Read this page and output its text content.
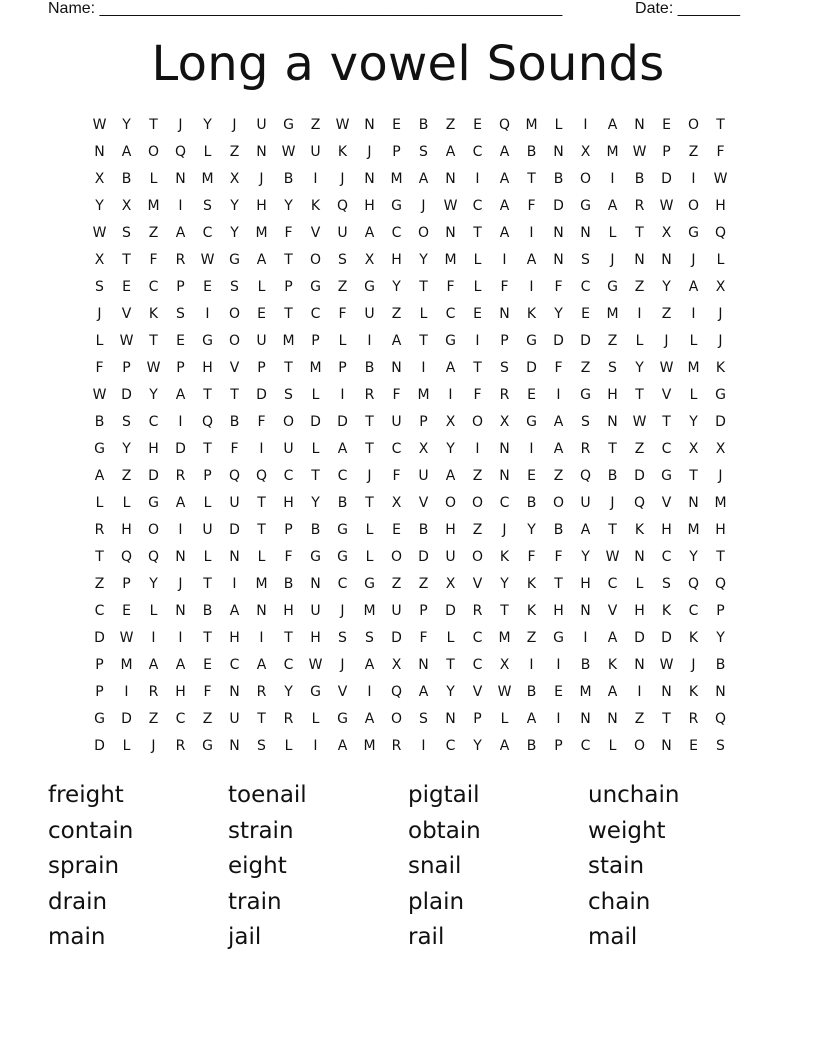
Name: ____________________________________________________	Date: _______
Long a vowel Sounds
W	Y	T	J	Y	J	U	G	Z	W	N	E	B	Z	E	Q	M	L	I	A	N	E	O	T
N	A	O	Q	L	Z	N	W	U	K	J	P	S	A	C	A	B	N	X	M	W	P	Z	F
X	B	L	N	M	X	J	B	I	J	N	M	A	N	I	A	T	B	O	I	B	D	I	W
Y	X	M	I	S	Y	H	Y	K	Q	H	G	J	W	C	A	F	D	G	A	R	W	O	H
W	S	Z	A	C	Y	M	F	V	U	A	C	O	N	T	A	I	N	N	L	T	X	G	Q
X	T	F	R	W	G	A	T	O	S	X	H	Y	M	L	I	A	N	S	J	N	N	J	L
S	E	C	P	E	S	L	P	G	Z	G	Y	T	F	L	F	I	F	C	G	Z	Y	A	X
J	V	K	S	I	O	E	T	C	F	U	Z	L	C	E	N	K	Y	E	M	I	Z	I	J
L	W	T	E	G	O	U	M	P	L	I	A	T	G	I	P	G	D	D	Z	L	J	L	J
F	P	W	P	H	V	P	T	M	P	B	N	I	A	T	S	D	F	Z	S	Y	W	M	K
W	D	Y	A	T	T	D	S	L	I	R	F	M	I	F	R	E	I	G	H	T	V	L	G
B	S	C	I	Q	B	F	O	D	D	T	U	P	X	O	X	G	A	S	N	W	T	Y	D
G	Y	H	D	T	F	I	U	L	A	T	C	X	Y	I	N	I	A	R	T	Z	C	X	X
A	Z	D	R	P	Q	Q	C	T	C	J	F	U	A	Z	N	E	Z	Q	B	D	G	T	J
L	L	G	A	L	U	T	H	Y	B	T	X	V	O	O	C	B	O	U	J	Q	V	N	M
R	H	O	I	U	D	T	P	B	G	L	E	B	H	Z	J	Y	B	A	T	K	H	M	H
T	Q	Q	N	L	N	L	F	G	G	L	O	D	U	O	K	F	F	Y	W	N	C	Y	T
Z	P	Y	J	T	I	M	B	N	C	G	Z	Z	X	V	Y	K	T	H	C	L	S	Q	Q
C	E	L	N	B	A	N	H	U	J	M	U	P	D	R	T	K	H	N	V	H	K	C	P
D	W	I	I	T	H	I	T	H	S	S	D	F	L	C	M	Z	G	I	A	D	D	K	Y
P	M	A	A	E	C	A	C	W	J	A	X	N	T	C	X	I	I	B	K	N	W	J	B
P	I	R	H	F	N	R	Y	G	V	I	Q	A	Y	V	W	B	E	M	A	I	N	K	N
G	D	Z	C	Z	U	T	R	L	G	A	O	S	N	P	L	A	I	N	N	Z	T	R	Q
D	L	J	R	G	N	S	L	I	A	M	R	I	C	Y	A	B	P	C	L	O	N	E	S
freight	toenail	pigtail	unchain
contain	strain	obtain	weight
sprain	eight	snail	stain
drain	train	plain	chain
main	jail	rail	mail
